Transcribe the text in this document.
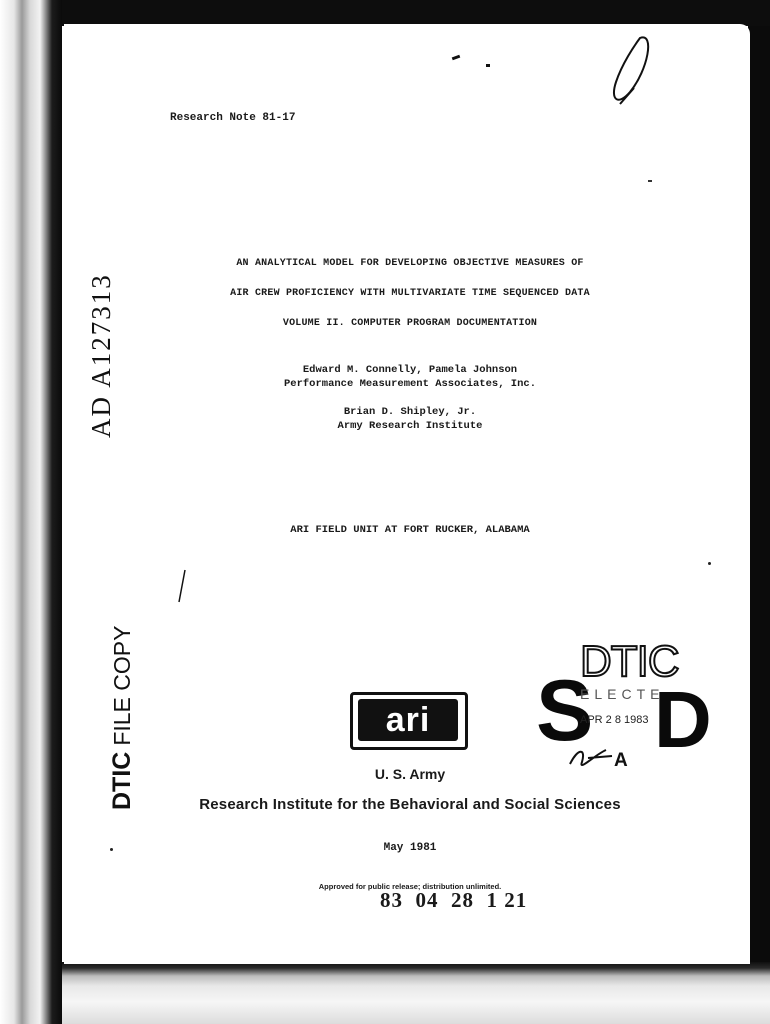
Research Note 81-17
AN ANALYTICAL MODEL FOR DEVELOPING OBJECTIVE MEASURES OF
AIR CREW PROFICIENCY WITH MULTIVARIATE TIME SEQUENCED DATA
VOLUME II. COMPUTER PROGRAM DOCUMENTATION
Edward M. Connelly, Pamela Johnson
Performance Measurement Associates, Inc.
Brian D. Shipley, Jr.
Army Research Institute
ARI FIELD UNIT AT FORT RUCKER, ALABAMA
AD A127313
DTICFILE COPY	ari
DTIC
S
ELECTE
APR 2 8 1983 D
A
U. S. Army
Research Institute for the Behavioral and Social Sciences
May 1981
Approved for public release; distribution unlimited.
83  04  28  1 21
